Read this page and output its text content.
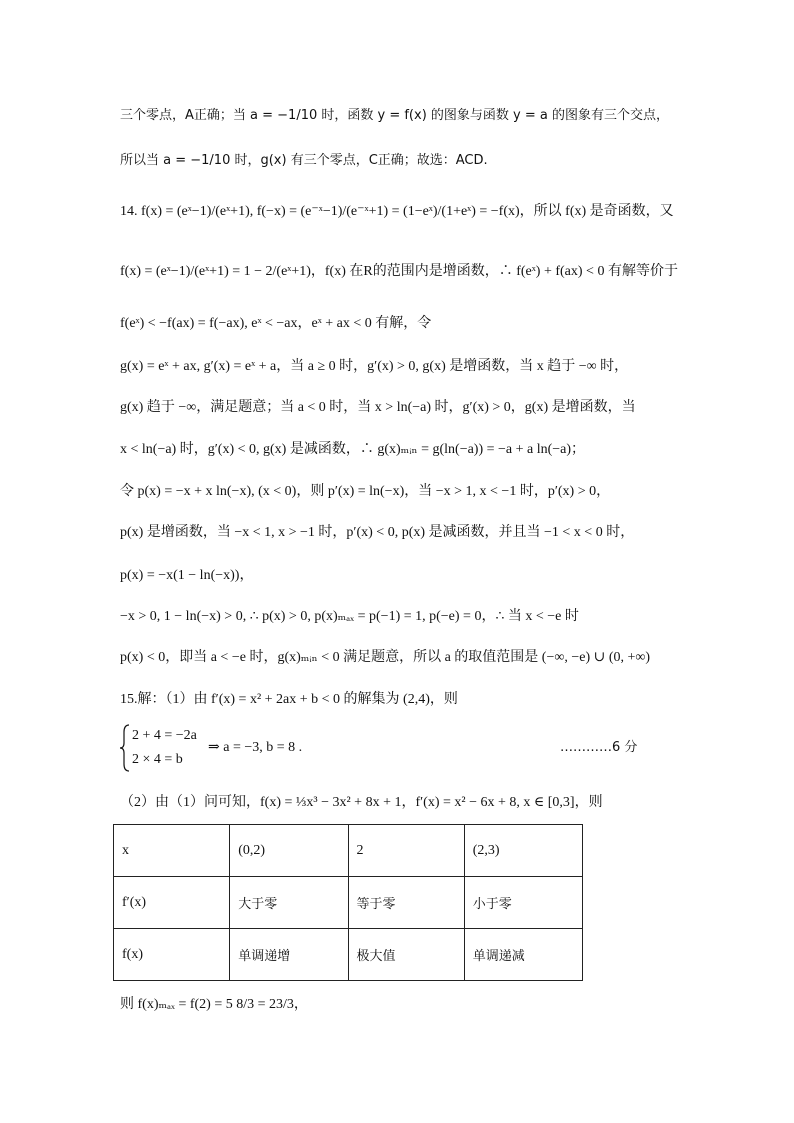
三个零点，A正确；当 a = −1/10 时，函数 y = f(x) 的图象与函数 y = a 的图象有三个交点，
所以当 a = −1/10 时，g(x) 有三个零点，C正确；故选：ACD.
14. f(x) = (eˣ−1)/(eˣ+1), f(−x) = (e⁻ˣ−1)/(e⁻ˣ+1) = (1−eˣ)/(1+eˣ) = −f(x)，所以 f(x) 是奇函数，又
f(x) = (eˣ−1)/(eˣ+1) = 1 − 2/(eˣ+1)，f(x) 在R的范围内是增函数，∴ f(eˣ) + f(ax) < 0 有解等价于
f(eˣ) < −f(ax) = f(−ax), eˣ < −ax，eˣ + ax < 0 有解，令
g(x) = eˣ + ax, g′(x) = eˣ + a，当 a ≥ 0 时，g′(x) > 0, g(x) 是增函数，当 x 趋于 −∞ 时，
g(x) 趋于 −∞，满足题意；当 a < 0 时，当 x > ln(−a) 时，g′(x) > 0，g(x) 是增函数，当
x < ln(−a) 时，g′(x) < 0, g(x) 是减函数，∴ g(x)ₘᵢₙ = g(ln(−a)) = −a + a ln(−a)；
令 p(x) = −x + x ln(−x), (x < 0)，则 p′(x) = ln(−x)，当 −x > 1, x < −1 时，p′(x) > 0，
p(x) 是增函数，当 −x < 1, x > −1 时，p′(x) < 0, p(x) 是减函数，并且当 −1 < x < 0 时，
p(x) = −x(1 − ln(−x))，
−x > 0, 1 − ln(−x) > 0, ∴ p(x) > 0, p(x)ₘₐₓ = p(−1) = 1, p(−e) = 0，∴ 当 x < −e 时
p(x) < 0，即当 a < −e 时，g(x)ₘᵢₙ < 0 满足题意，所以 a 的取值范围是 (−∞, −e) ∪ (0, +∞)
15.解：（1）由 f′(x) = x² + 2ax + b < 0 的解集为 (2,4)，则
2 + 4 = −2a
2 × 4 = b
⇒ a = −3, b = 8 .	…………6 分
（2）由（1）问可知，f(x) = ⅓x³ − 3x² + 8x + 1，f′(x) = x² − 6x + 8, x ∈ [0,3]，则
x	(0,2)	2	(2,3)
f′(x)	大于零	等于零	小于零
f(x)	单调递增	极大值	单调递减
则 f(x)ₘₐₓ = f(2) = 5 8/3 = 23/3，
